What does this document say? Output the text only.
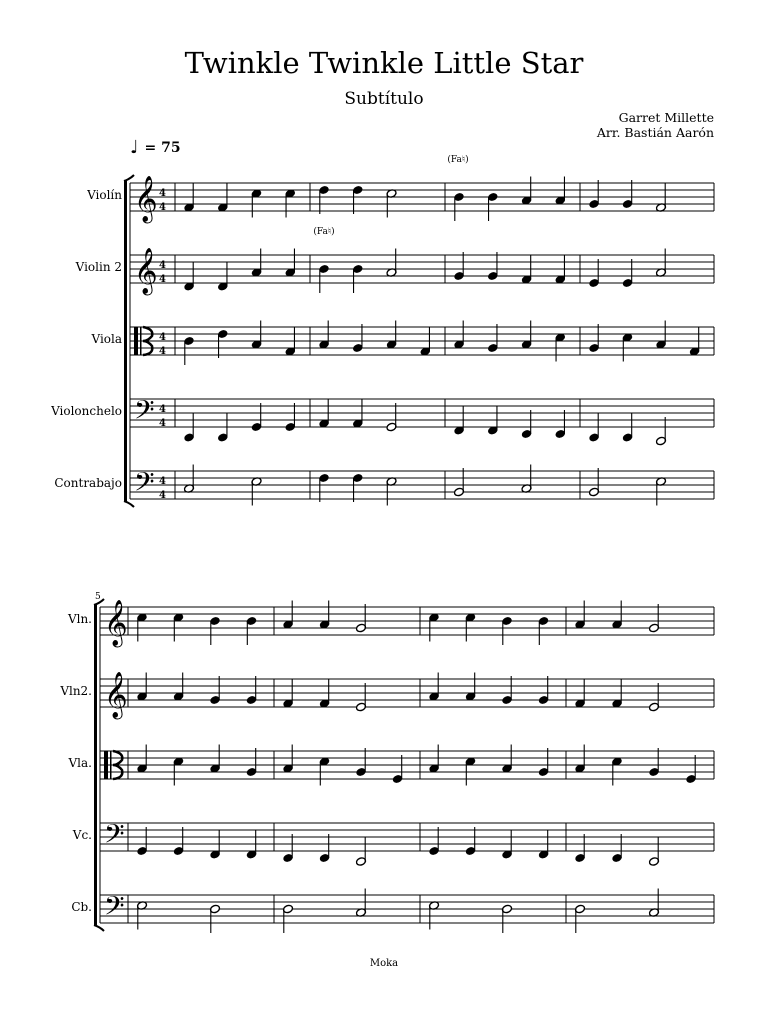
Twinkle Twinkle Little Star
Subtítulo
Garret Millette
Arr. Bastián Aarón
♩ = 75
Moka
4
4
Violín
4
4
Violin 2
4
4
Viola
4
4
Violonchelo
4
4
Contrabajo
𝄞
𝄞
𝄢
𝄢
Vln.
Vln2.
Vla.
Vc.
Cb.
𝄞
𝄞
𝄢
𝄢
5
(Fa♮)
(Fa♮)
